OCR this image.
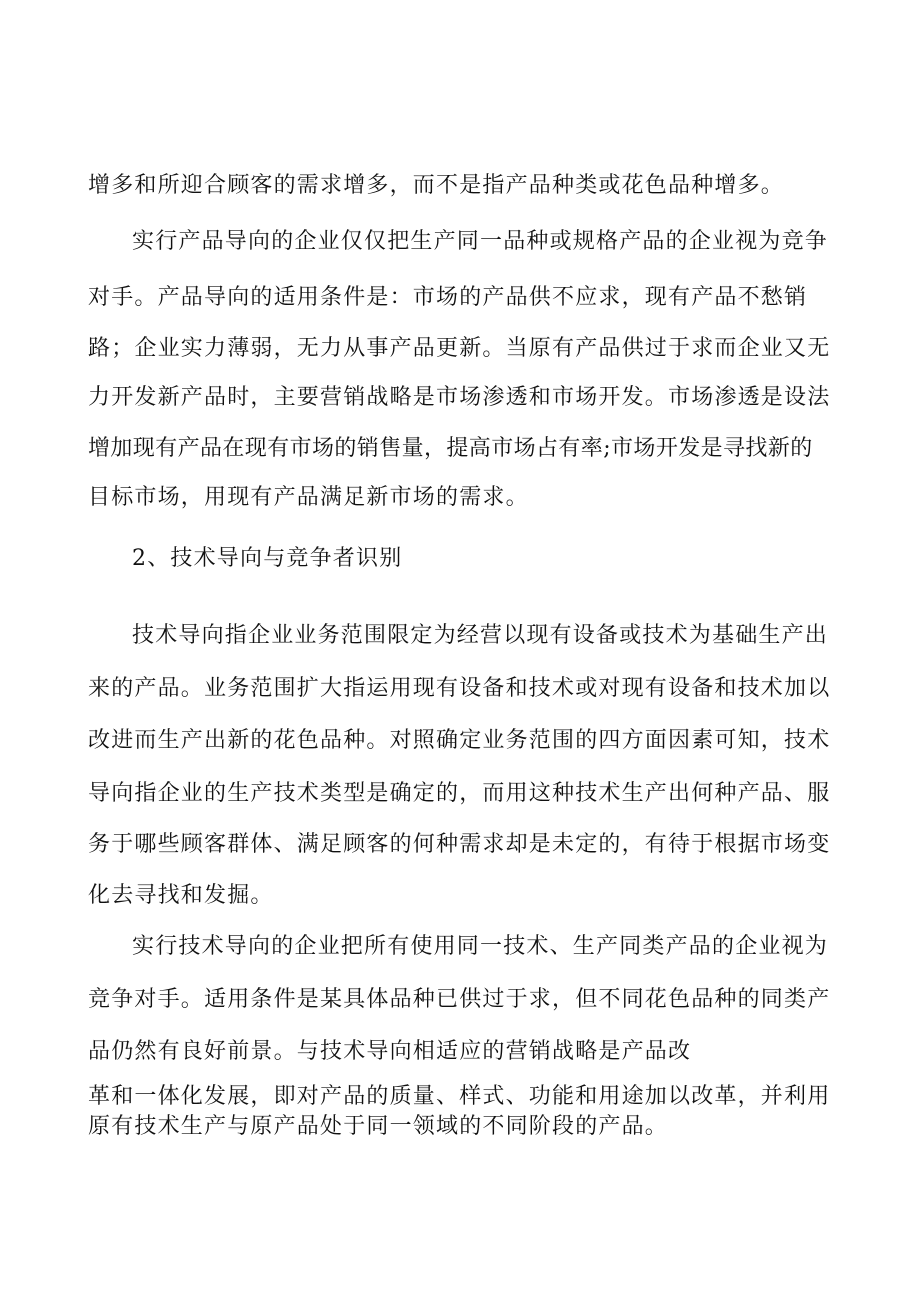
增多和所迎合顾客的需求增多，而不是指产品种类或花色品种增多。

实行产品导向的企业仅仅把生产同一品种或规格产品的企业视为竞争

对手。产品导向的适用条件是：市场的产品供不应求，现有产品不愁销

路；企业实力薄弱，无力从事产品更新。当原有产品供过于求而企业又无

力开发新产品时，主要营销战略是市场渗透和市场开发。市场渗透是设法

增加现有产品在现有市场的销售量，提高市场占有率;市场开发是寻找新的

目标市场，用现有产品满足新市场的需求。

2、技术导向与竞争者识别

技术导向指企业业务范围限定为经营以现有设备或技术为基础生产出

来的产品。业务范围扩大指运用现有设备和技术或对现有设备和技术加以

改进而生产出新的花色品种。对照确定业务范围的四方面因素可知，技术

导向指企业的生产技术类型是确定的，而用这种技术生产出何种产品、服

务于哪些顾客群体、满足顾客的何种需求却是未定的，有待于根据市场变

化去寻找和发掘。

实行技术导向的企业把所有使用同一技术、生产同类产品的企业视为

竞争对手。适用条件是某具体品种已供过于求，但不同花色品种的同类产

品仍然有良好前景。与技术导向相适应的营销战略是产品改

革和一体化发展，即对产品的质量、样式、功能和用途加以改革，并利用

原有技术生产与原产品处于同一领域的不同阶段的产品。
